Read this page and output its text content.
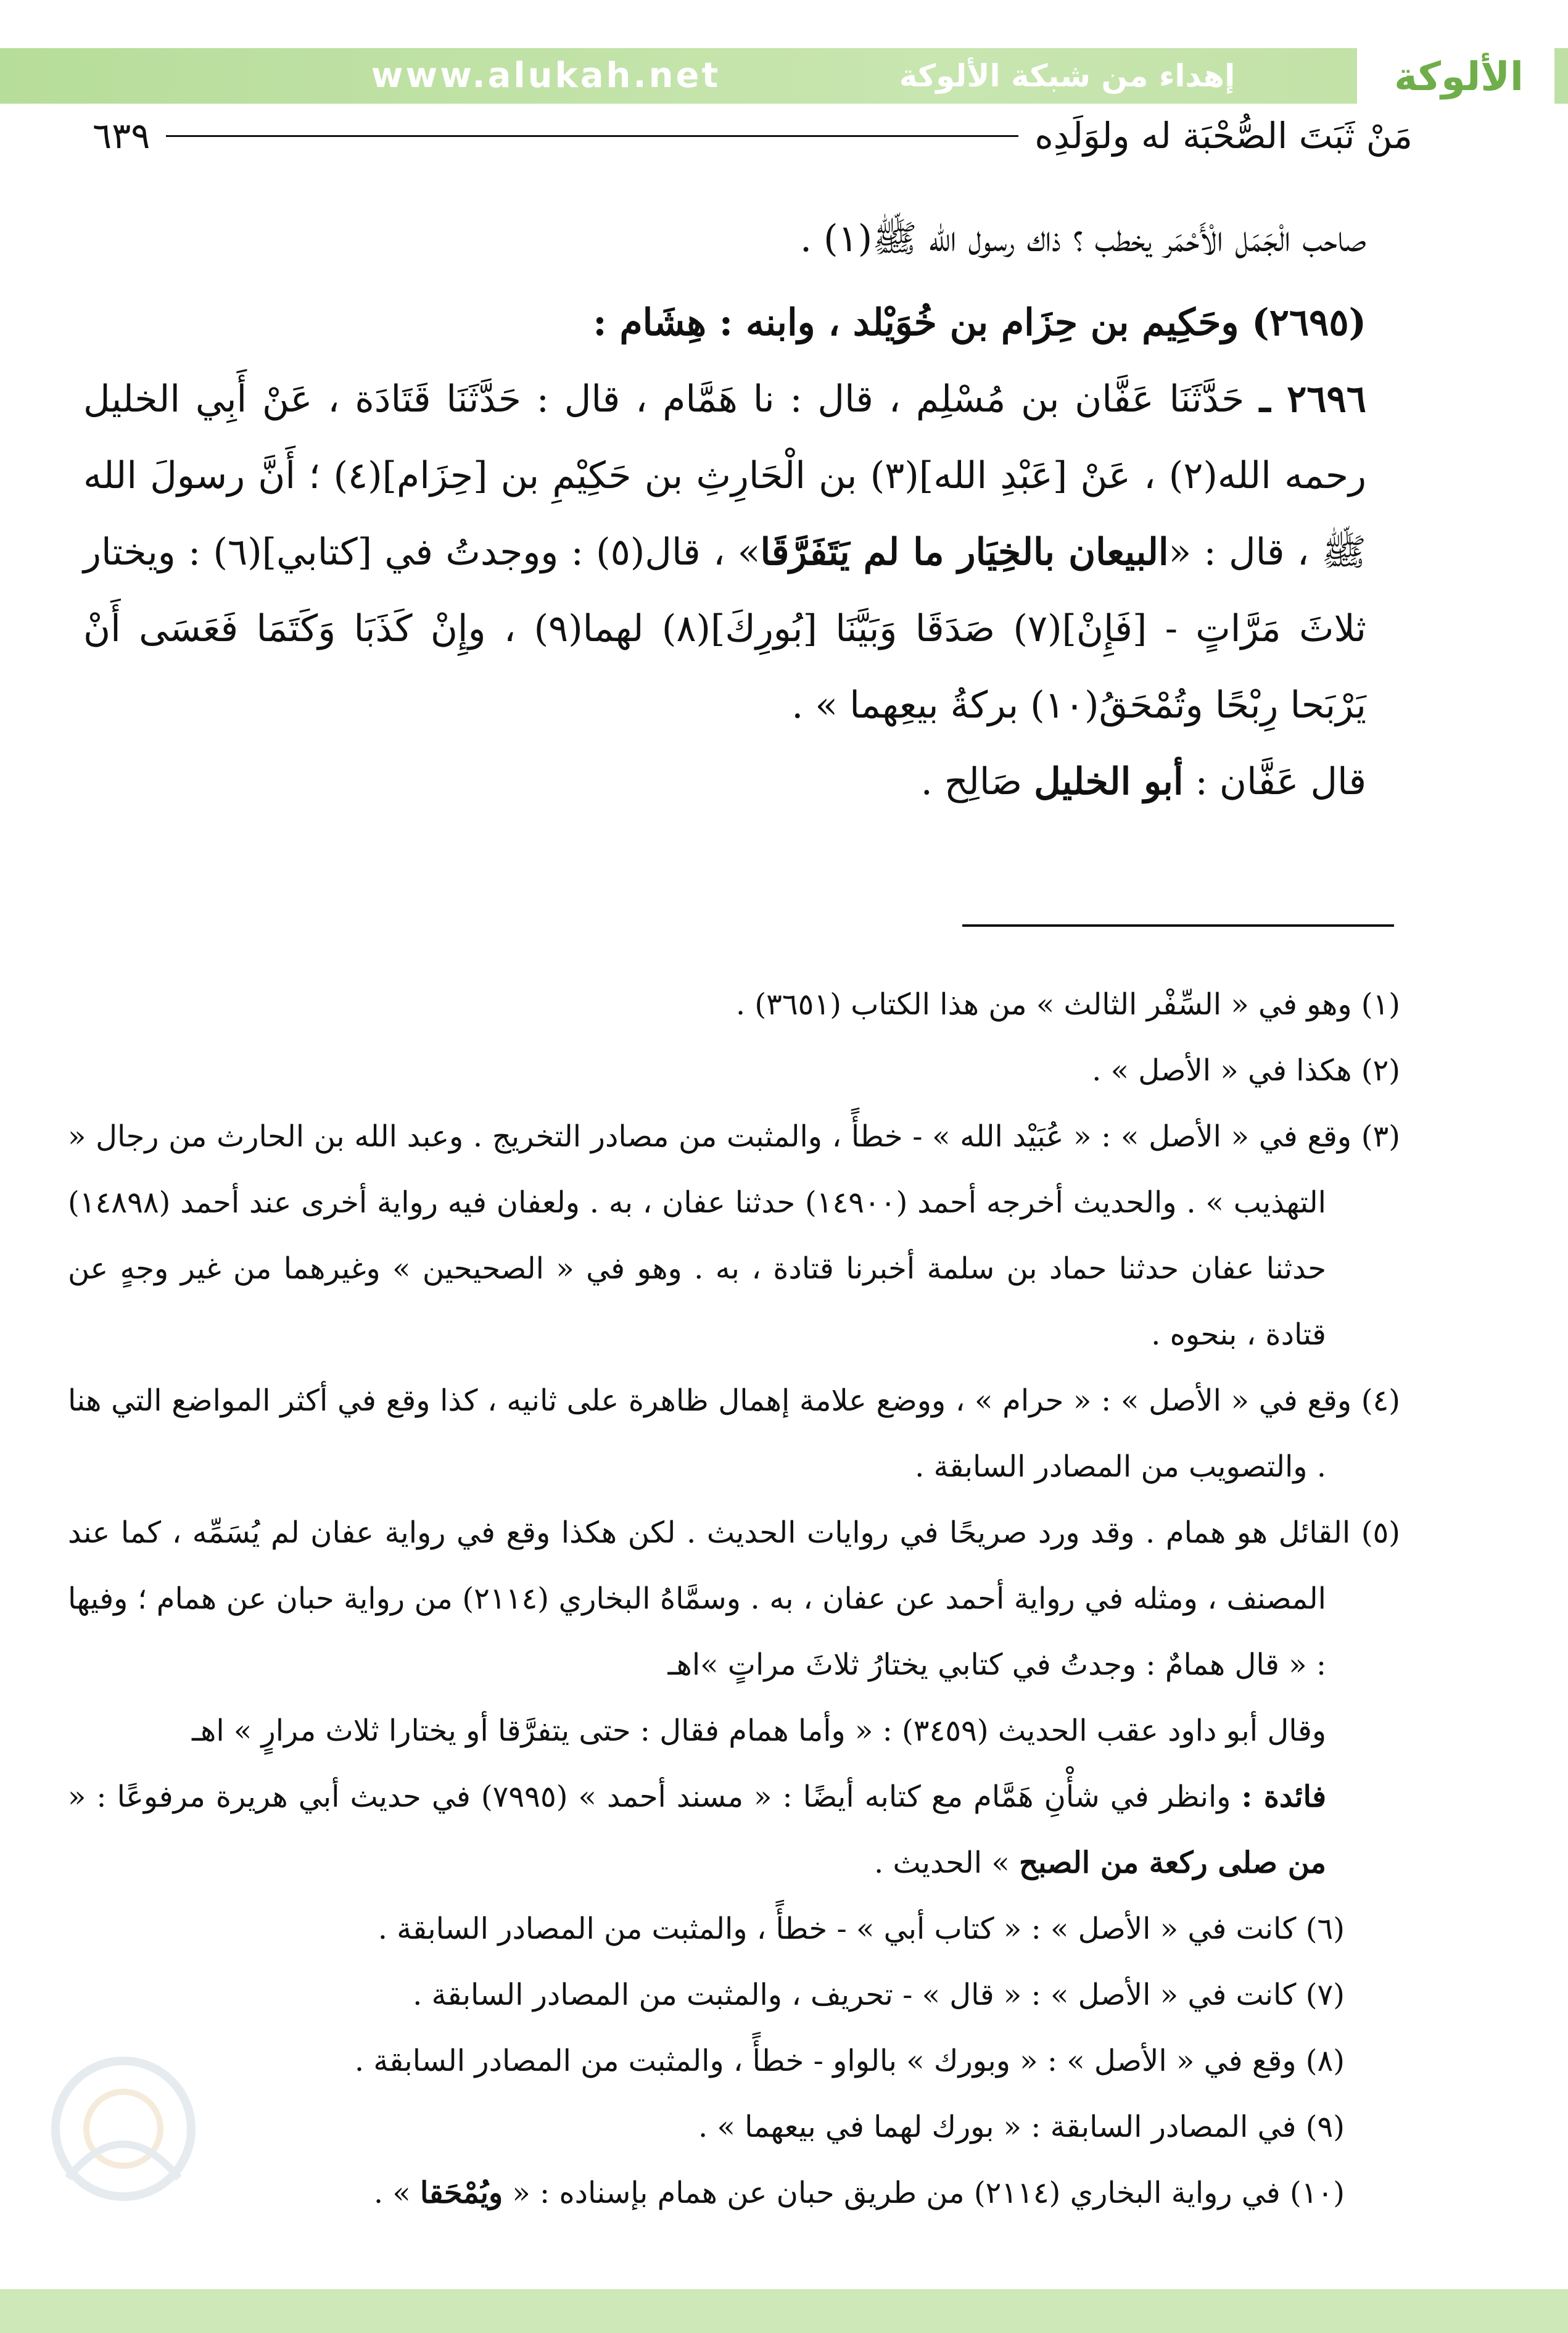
www.alukah.net	إهداء من شبكة الألوكة	الألوكة
مَنْ ثَبَتَ الصُّحْبَة له ولوَلَدِه
٦٣٩

صاحب الْجَمَل الْأَحْمَر يخطب ؟ ذاك رسول الله ﷺ(١) .

(٢٦٩٥) وحَكِيم بن حِزَام بن خُوَيْلد ، وابنه : هِشَام :

٢٦٩٦ ـ حَدَّثَنَا عَفَّان بن مُسْلِم ، قال : نا هَمَّام ، قال : حَدَّثَنَا قَتَادَة ، عَنْ أَبِي الخليل رحمه الله(٢) ، عَنْ [عَبْدِ الله](٣) بن الْحَارِثِ بن حَكِيْمِ بن [حِزَام](٤) ؛ أَنَّ رسولَ الله ﷺ ، قال : «البيعان بالخِيَار ما لم يَتَفَرَّقَا» ، قال(٥) : ووجدتُ في [كتابي](٦) : ويختار ثلاثَ مَرَّاتٍ - [فَإِنْ](٧) صَدَقَا وَبَيَّنَا [بُورِكَ](٨) لهما(٩) ، وإِنْ كَذَبَا وَكَتَمَا فَعَسَى أَنْ يَرْبَحا رِبْحًا وتُمْحَقُ(١٠) بركةُ بيعِهما » .

قال عَفَّان : أبو الخليل صَالِح .

(١) وهو في « السِّفْر الثالث » من هذا الكتاب (٣٦٥١) .

(٢) هكذا في « الأصل » .

(٣) وقع في « الأصل » : « عُبَيْد الله » - خطأً ، والمثبت من مصادر التخريج . وعبد الله بن الحارث من رجال « التهذيب » . والحديث أخرجه أحمد (١٤٩٠٠) حدثنا عفان ، به . ولعفان فيه رواية أخرى عند أحمد (١٤٨٩٨) حدثنا عفان حدثنا حماد بن سلمة أخبرنا قتادة ، به . وهو في « الصحيحين » وغيرهما من غير وجهٍ عن قتادة ، بنحوه .

(٤) وقع في « الأصل » : « حرام » ، ووضع علامة إهمال ظاهرة على ثانيه ، كذا وقع في أكثر المواضع التي هنا . والتصويب من المصادر السابقة .

(٥) القائل هو همام . وقد ورد صريحًا في روايات الحديث . لكن هكذا وقع في رواية عفان لم يُسَمِّه ، كما عند المصنف ، ومثله في رواية أحمد عن عفان ، به . وسمَّاهُ البخاري (٢١١٤) من رواية حبان عن همام ؛ وفيها : « قال همامٌ : وجدتُ في كتابي يختارُ ثلاثَ مراتٍ »اهـ

وقال أبو داود عقب الحديث (٣٤٥٩) : « وأما همام فقال : حتى يتفرَّقا أو يختارا ثلاث مرارٍ » اهـ

فائدة : وانظر في شأْنِ هَمَّام مع كتابه أيضًا : « مسند أحمد » (٧٩٩٥) في حديث أبي هريرة مرفوعًا : « من صلى ركعة من الصبح » الحديث .

(٦) كانت في « الأصل » : « كتاب أبي » - خطأً ، والمثبت من المصادر السابقة .

(٧) كانت في « الأصل » : « قال » - تحريف ، والمثبت من المصادر السابقة .

(٨) وقع في « الأصل » : « وبورك » بالواو - خطأً ، والمثبت من المصادر السابقة .

(٩) في المصادر السابقة : « بورك لهما في بيعهما » .

(١٠) في رواية البخاري (٢١١٤) من طريق حبان عن همام بإسناده : « ويُمْحَقا » .
